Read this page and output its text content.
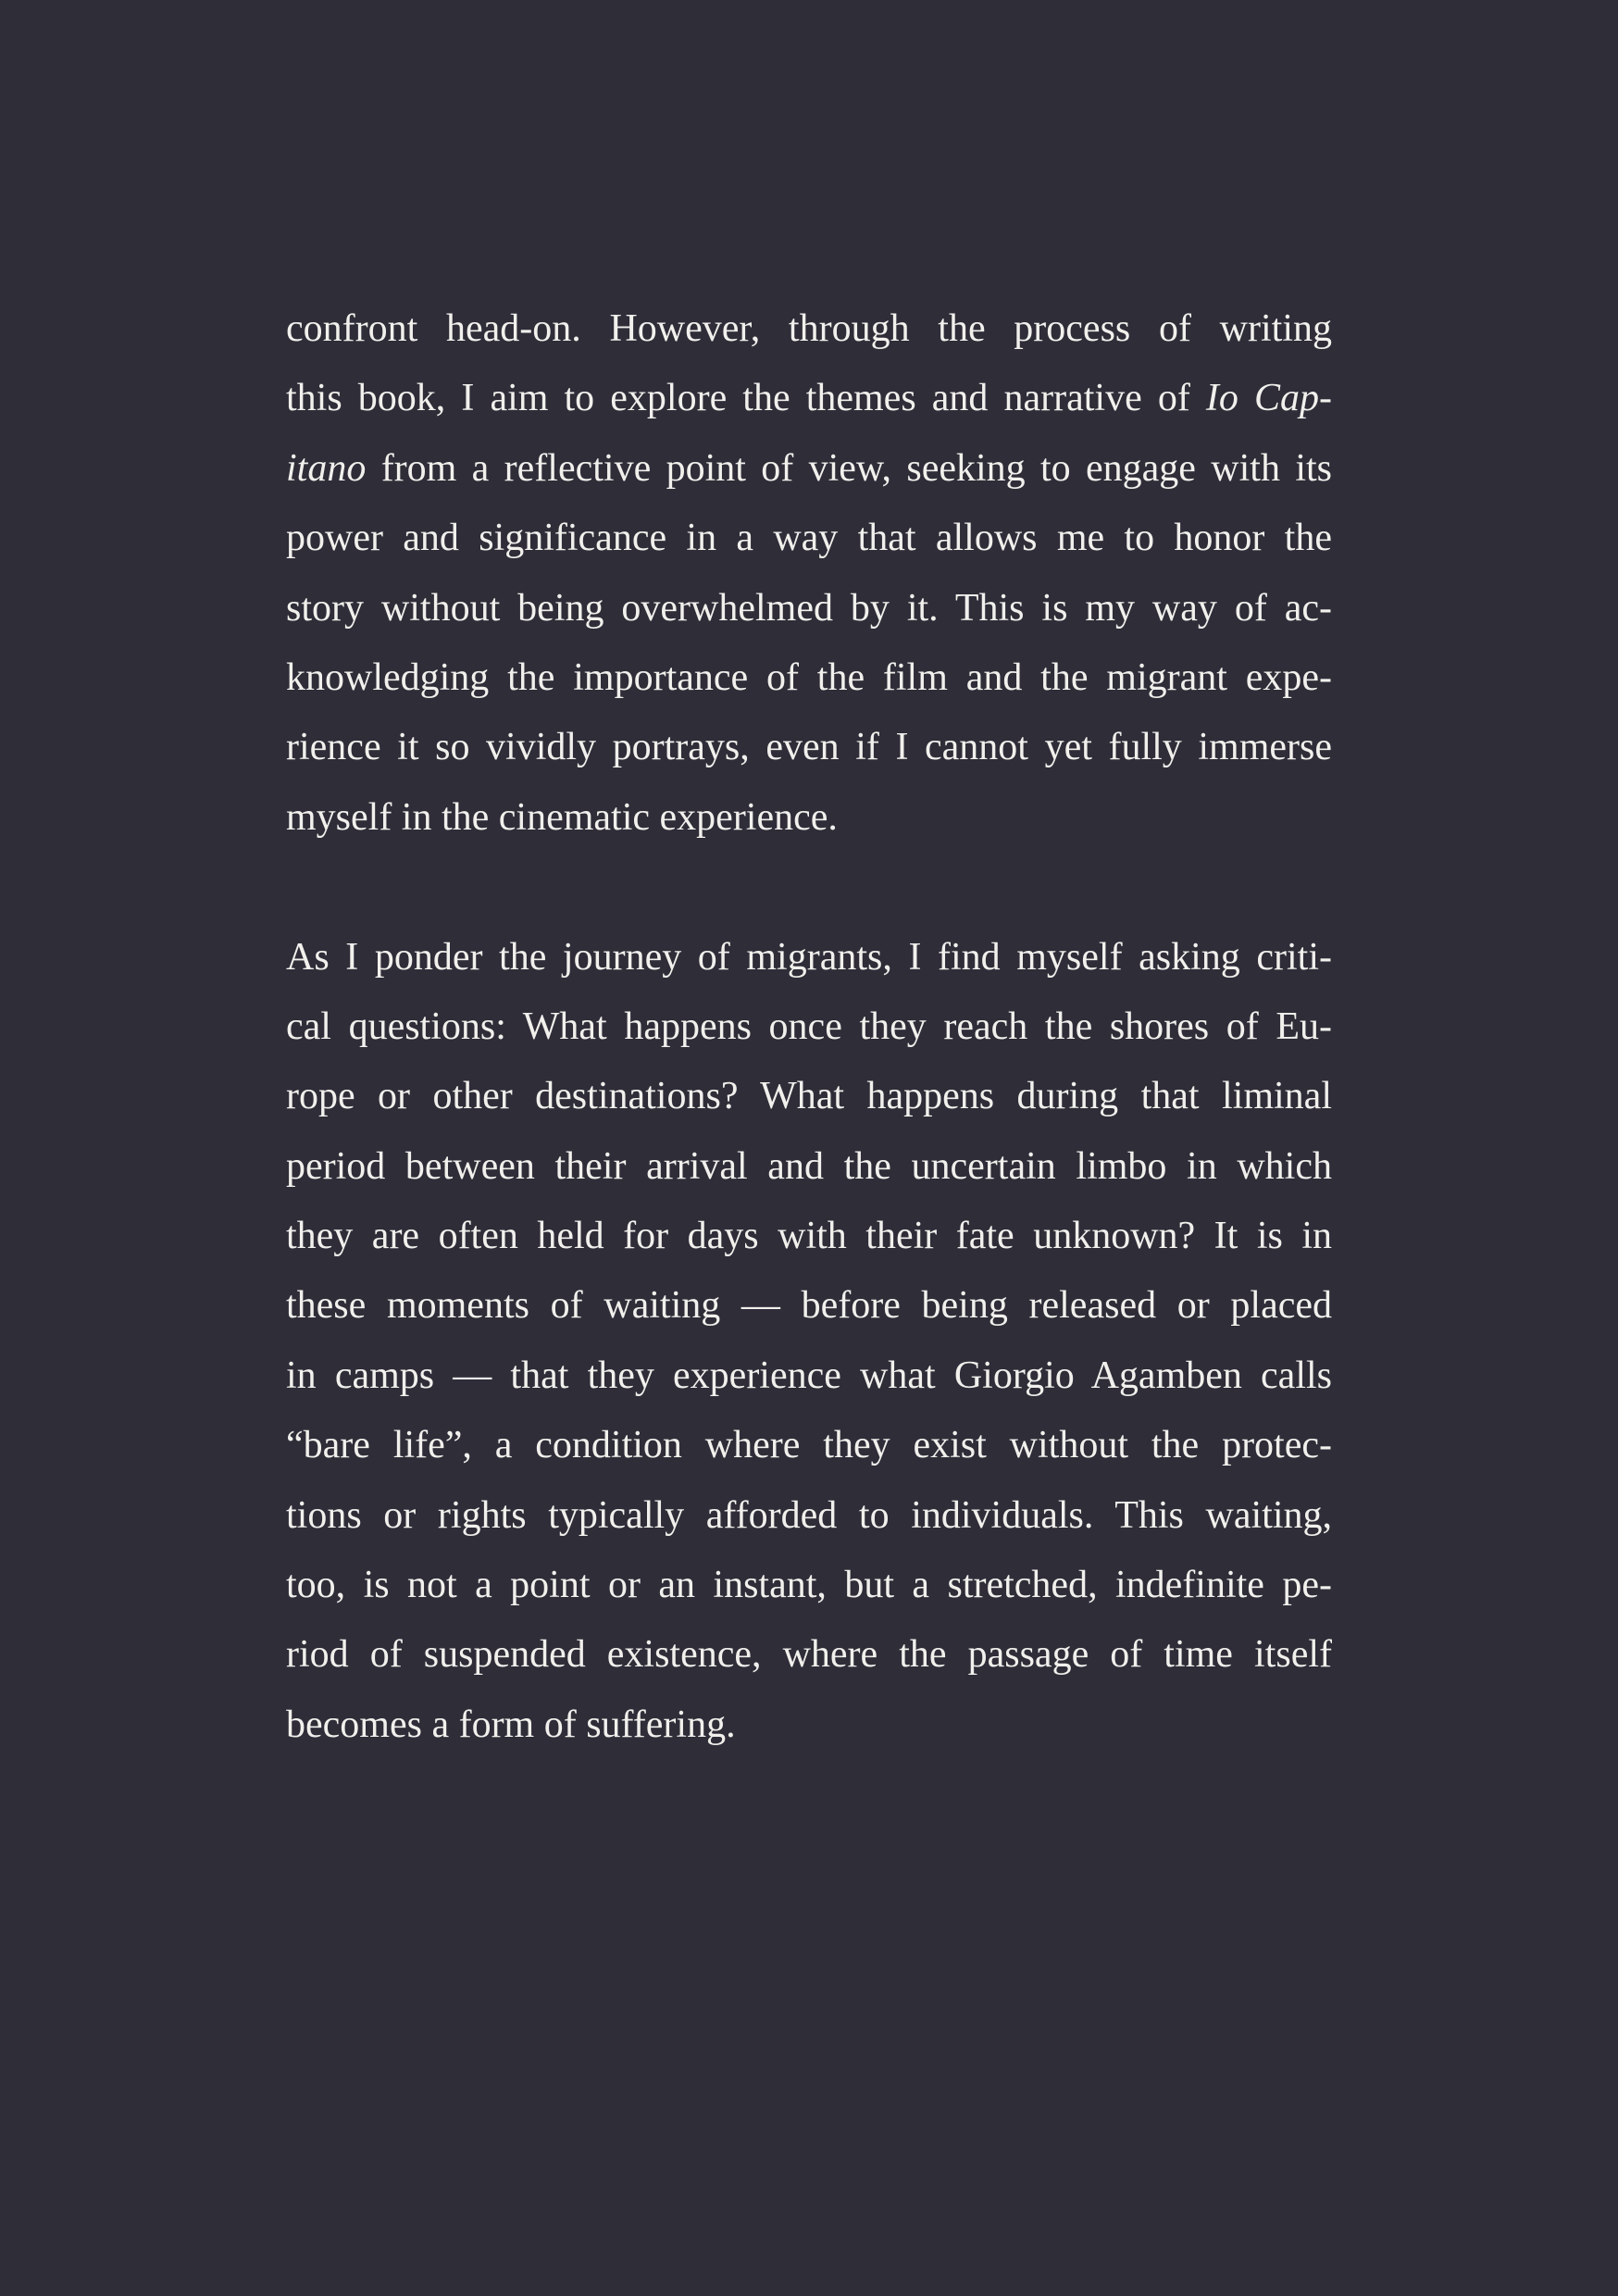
confront head-on. However, through the process of writing
this book, I aim to explore the themes and narrative of Io Cap-
itano from a reflective point of view, seeking to engage with its
power and significance in a way that allows me to honor the
story without being overwhelmed by it. This is my way of ac-
knowledging the importance of the film and the migrant expe-
rience it so vividly portrays, even if I cannot yet fully immerse
myself in the cinematic experience.
As I ponder the journey of migrants, I find myself asking criti-
cal questions: What happens once they reach the shores of Eu-
rope or other destinations? What happens during that liminal
period between their arrival and the uncertain limbo in which
they are often held for days with their fate unknown? It is in
these moments of waiting — before being released or placed
in camps — that they experience what Giorgio Agamben calls
“bare life”, a condition where they exist without the protec-
tions or rights typically afforded to individuals. This waiting,
too, is not a point or an instant, but a stretched, indefinite pe-
riod of suspended existence, where the passage of time itself
becomes a form of suffering.
